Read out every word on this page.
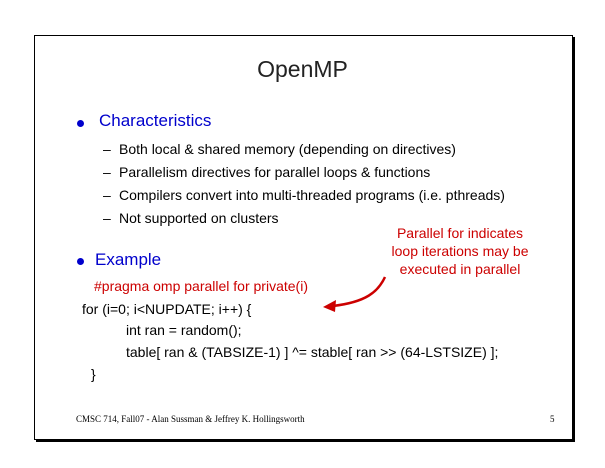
OpenMP
Characteristics
– Both local & shared memory (depending on directives)
– Parallelism directives for parallel loops & functions
– Compilers convert into multi-threaded programs (i.e. pthreads)
– Not supported on clusters
Example
#pragma omp parallel for private(i)
for (i=0; i<NUPDATE; i++) {
int ran = random();
table[ ran & (TABSIZE-1) ] ^= stable[ ran >> (64-LSTSIZE) ];
}
Parallel for indicates
loop iterations may be
executed in parallel
CMSC 714, Fall07 - Alan Sussman & Jeffrey K. Hollingsworth	5
